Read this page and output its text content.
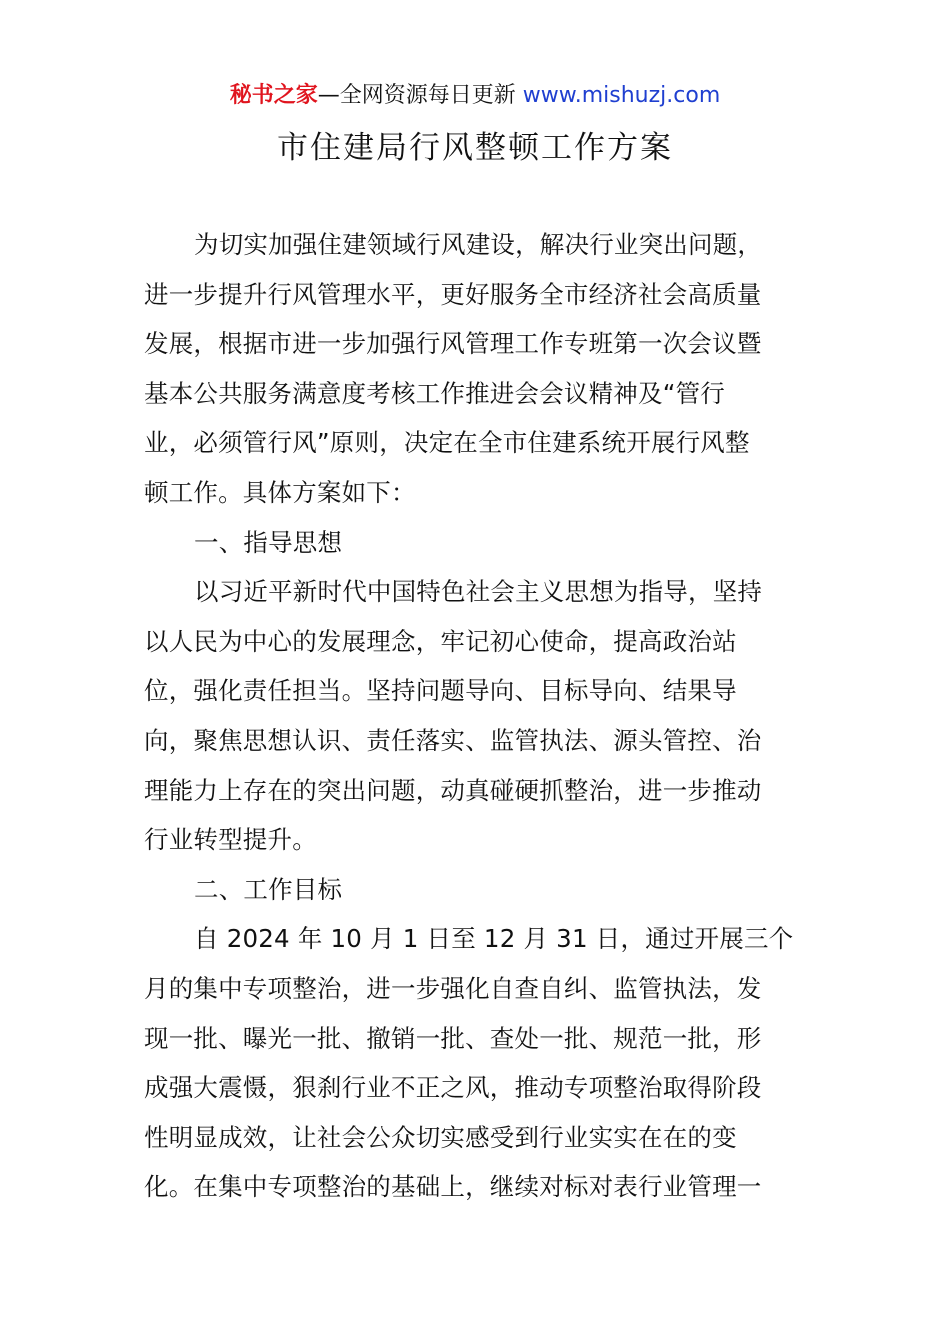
秘书之家—全网资源每日更新 www.mishuzj.com
市住建局行风整顿工作方案
为切实加强住建领域行风建设，解决行业突出问题，
进一步提升行风管理水平，更好服务全市经济社会高质量
发展，根据市进一步加强行风管理工作专班第一次会议暨
基本公共服务满意度考核工作推进会会议精神及“管行
业，必须管行风”原则，决定在全市住建系统开展行风整
顿工作。具体方案如下：
一、指导思想
以习近平新时代中国特色社会主义思想为指导，坚持
以人民为中心的发展理念，牢记初心使命，提高政治站
位，强化责任担当。坚持问题导向、目标导向、结果导
向，聚焦思想认识、责任落实、监管执法、源头管控、治
理能力上存在的突出问题，动真碰硬抓整治，进一步推动
行业转型提升。
二、工作目标
自 2024 年 10 月 1 日至 12 月 31 日，通过开展三个
月的集中专项整治，进一步强化自查自纠、监管执法，发
现一批、曝光一批、撤销一批、查处一批、规范一批，形
成强大震慑，狠刹行业不正之风，推动专项整治取得阶段
性明显成效，让社会公众切实感受到行业实实在在的变
化。在集中专项整治的基础上，继续对标对表行业管理一
